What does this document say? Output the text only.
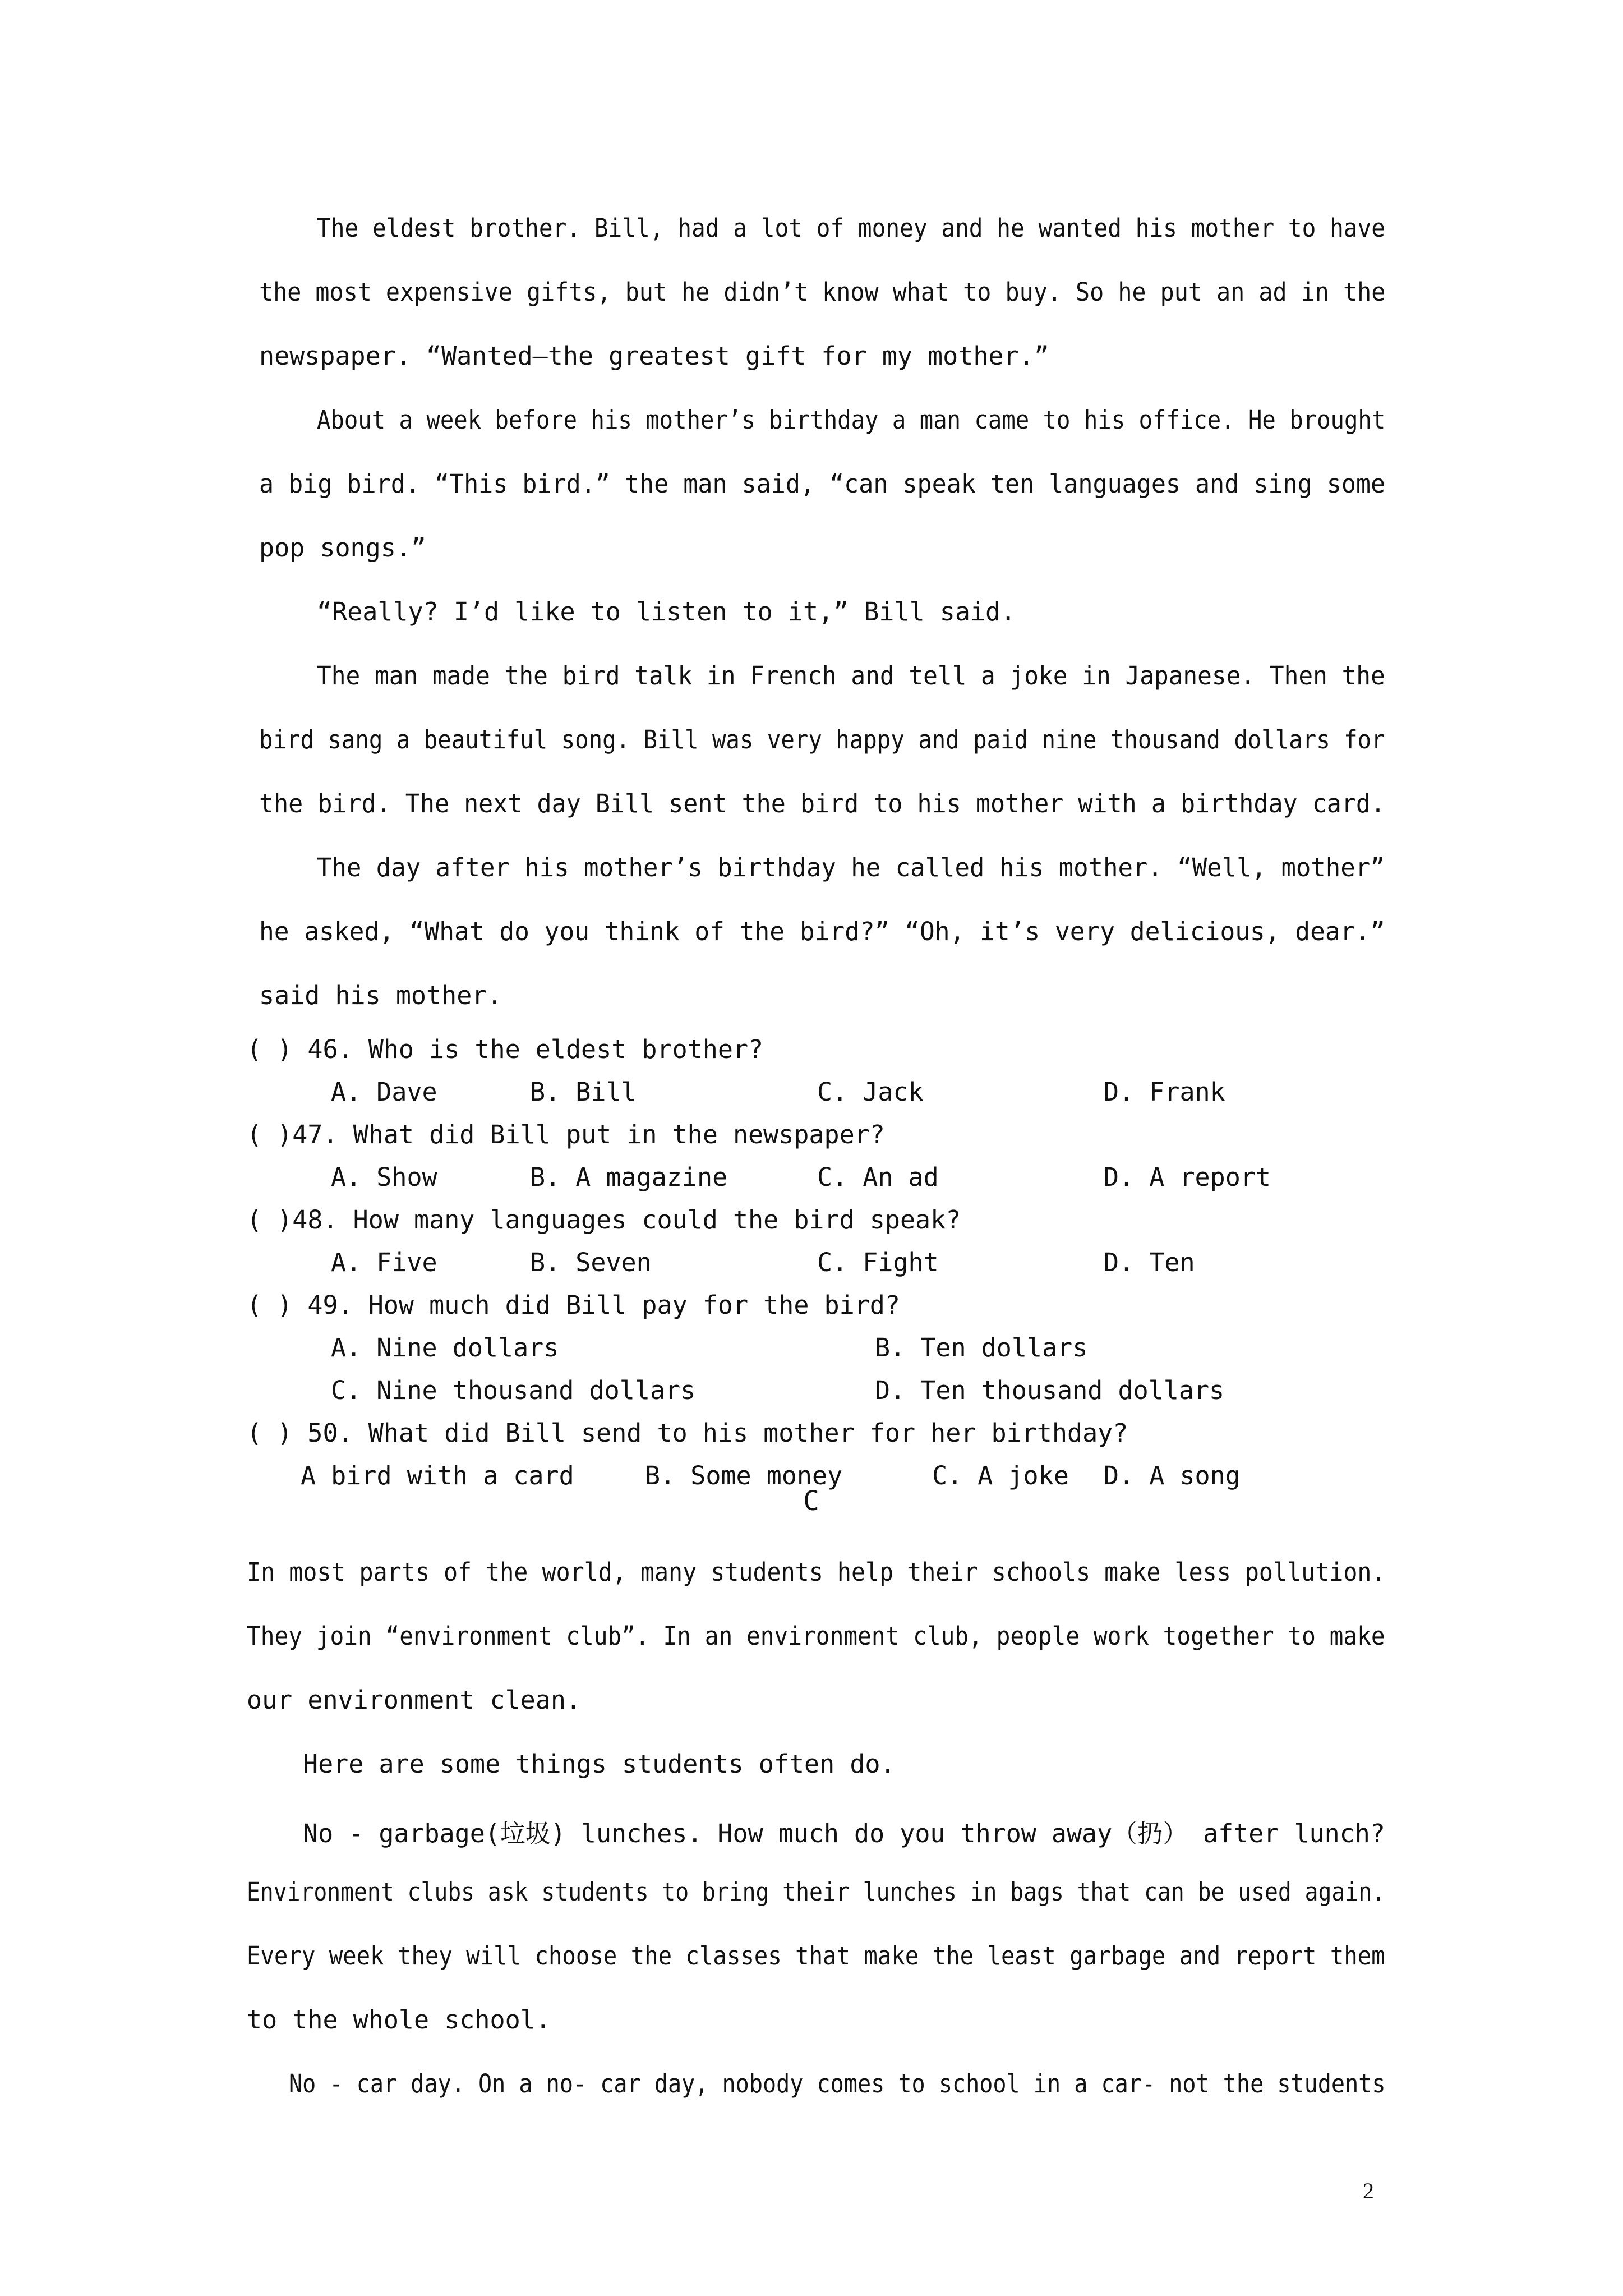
The eldest brother. Bill, had a lot of money and he wanted his mother to have
the most expensive gifts, but he didn’t know what to buy. So he put an ad in the
newspaper. “Wanted—the greatest gift for my mother.”
About a week before his mother’s birthday a man came to his office. He brought
a big bird. “This bird.” the man said, “can speak ten languages and sing some
pop songs.”
“Really? I’d like to listen to it,” Bill said.
The man made the bird talk in French and tell a joke in Japanese. Then the
bird sang a beautiful song. Bill was very happy and paid nine thousand dollars for
the bird. The next day Bill sent the bird to his mother with a birthday card.
The day after his mother’s birthday he called his mother. “Well, mother”
he asked, “What do you think of the bird?” “Oh, it’s very delicious, dear.”
said his mother.
( ) 46. Who is the eldest brother?
A. Dave	B. Bill	C. Jack	D. Frank
( )47. What did Bill put in the newspaper?
A. Show	B. A magazine	C. An ad	D. A report
( )48. How many languages could the bird speak?
A. Five	B. Seven	C. Fight	D. Ten
( ) 49. How much did Bill pay for the bird?
A. Nine dollars	B. Ten dollars
C. Nine thousand dollars	D. Ten thousand dollars
( ) 50. What did Bill send to his mother for her birthday?
A bird with a card	B. Some money	C. A joke D. A song
C
In most parts of the world, many students help their schools make less pollution.
They join “environment club”. In an environment club, people work together to make
our environment clean.
Here are some things students often do.
No - garbage(垃圾) lunches. How much do you throw away（扔） after lunch?
Environment clubs ask students to bring their lunches in bags that can be used again.
Every week they will choose the classes that make the least garbage and report them
to the whole school.
No - car day. On a no- car day, nobody comes to school in a car- not the students
2
